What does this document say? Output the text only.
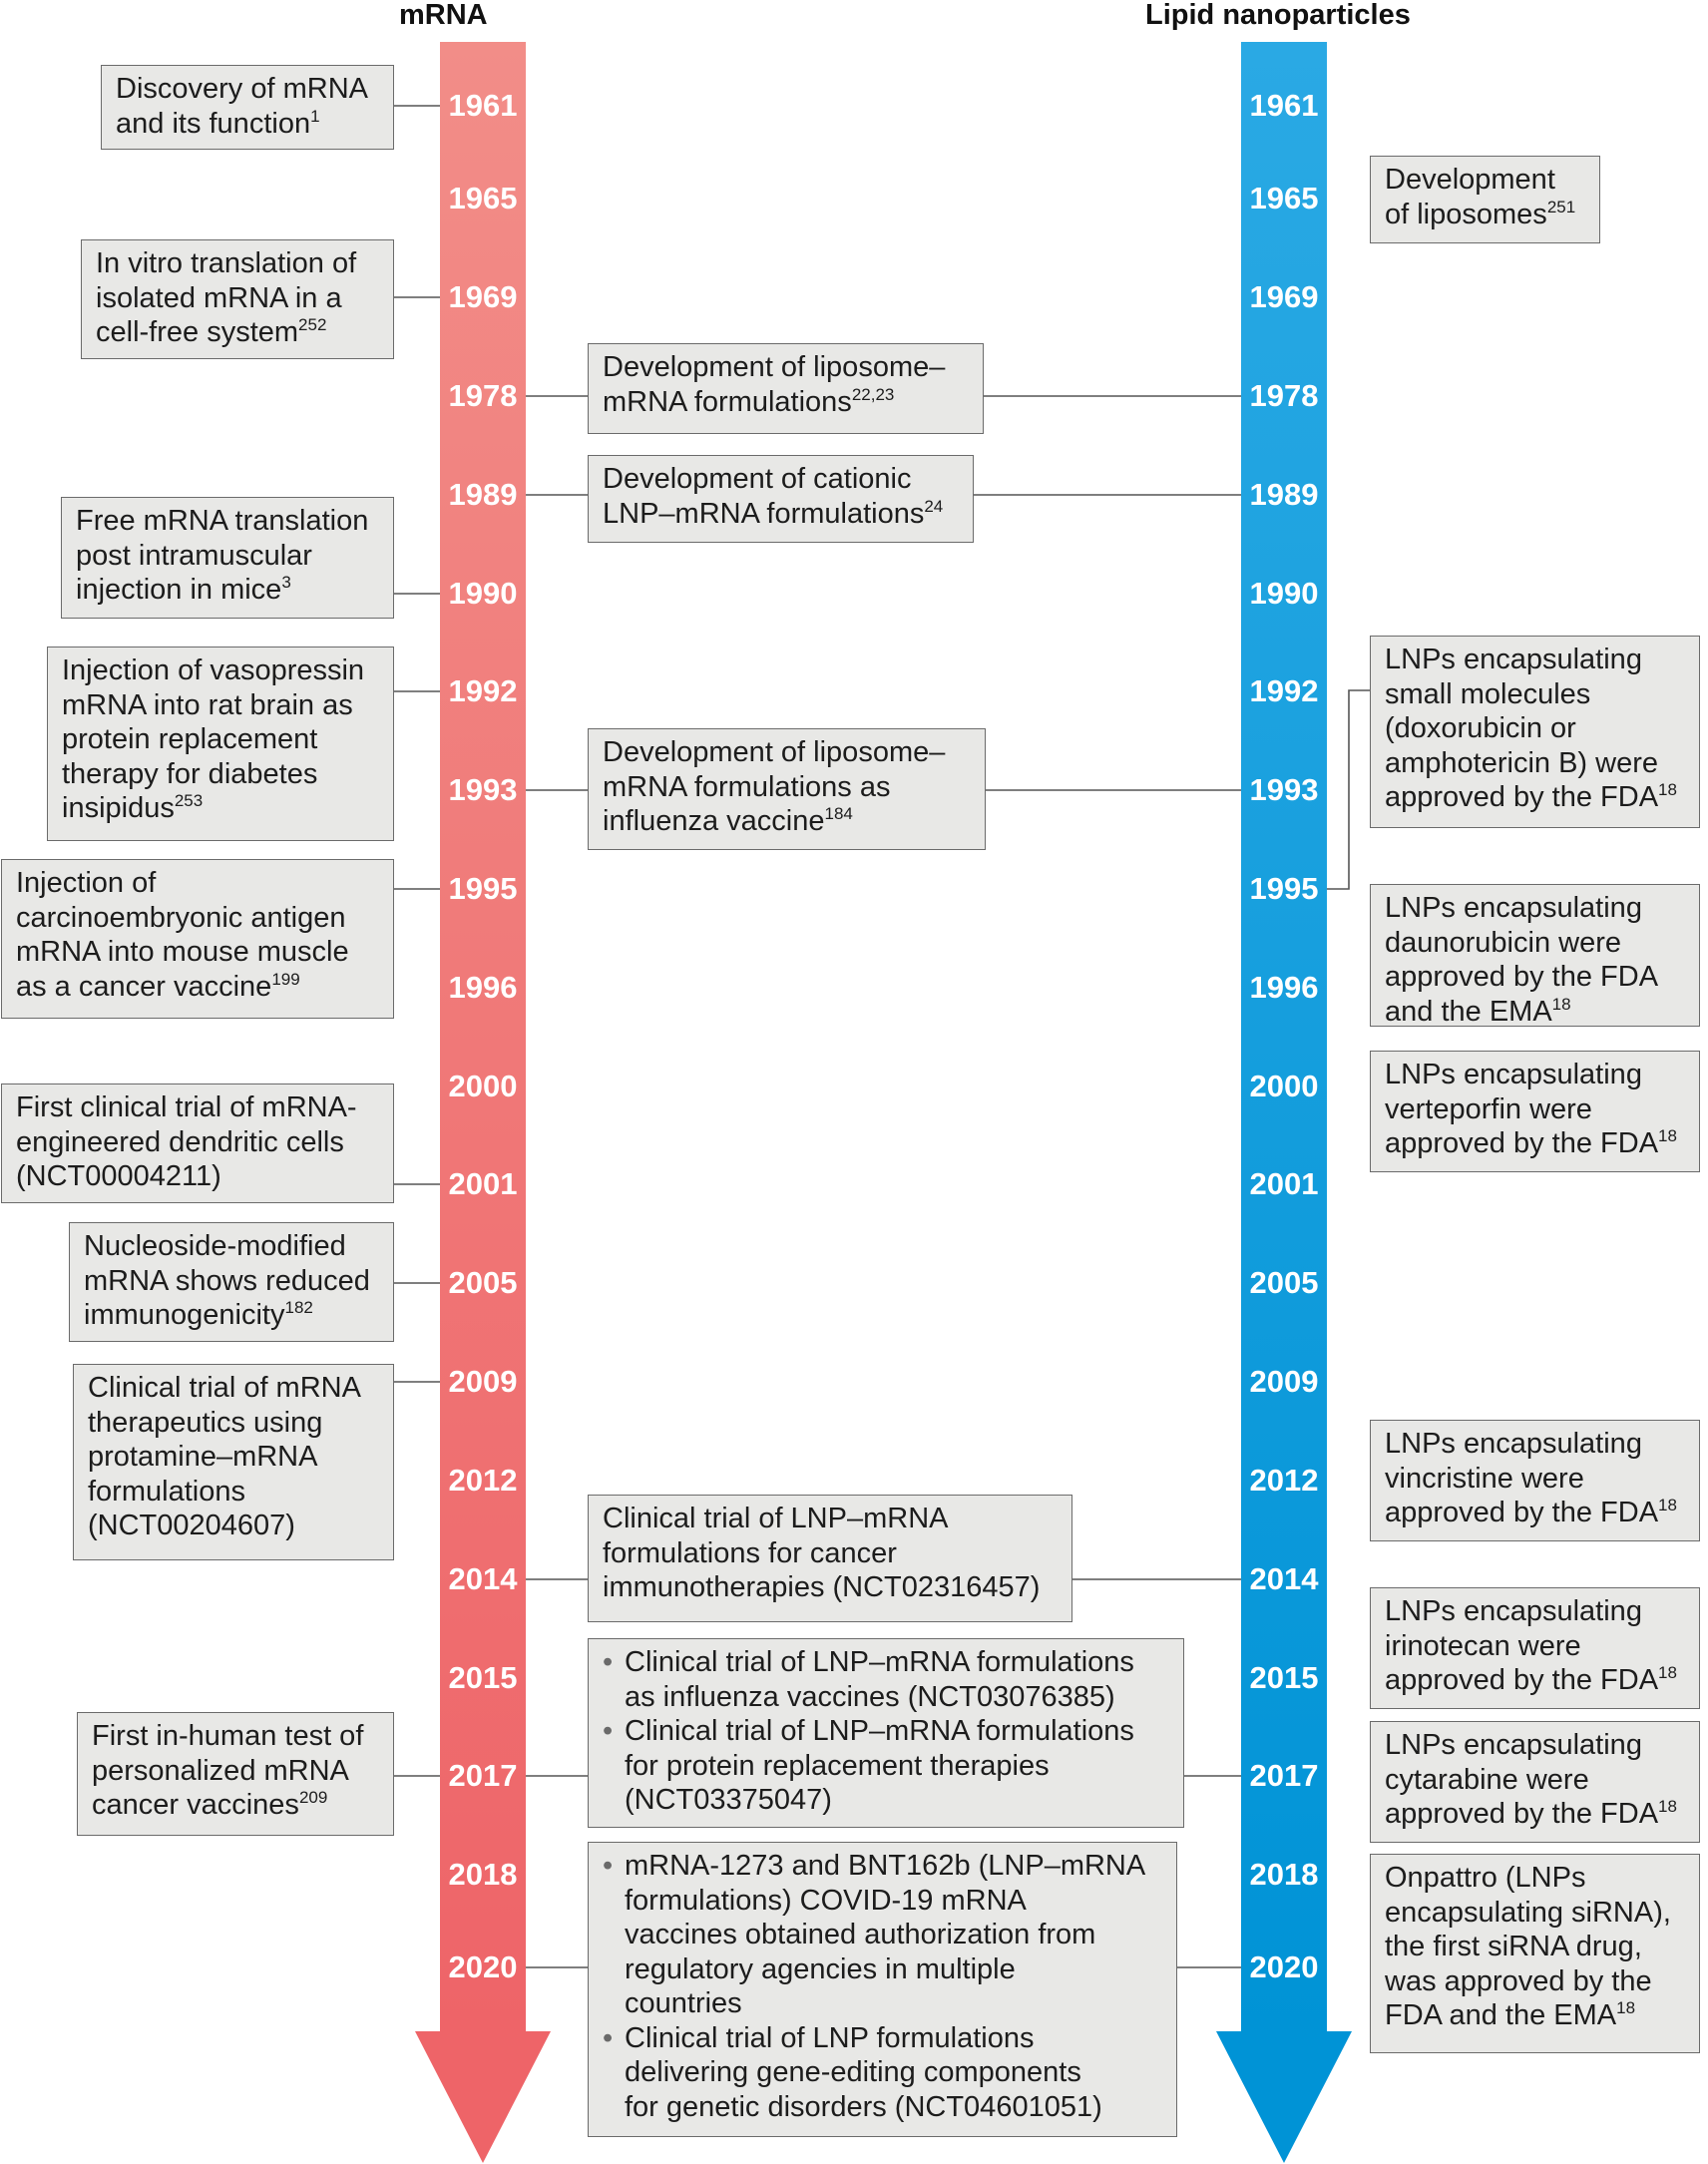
mRNA	Lipid nanoparticles
1961
1965
1969
1978
1989
1990
1992
1993
1995
1996
2000
2001
2005
2009
2012
2014
2015
2017
2018
2020
1961
1965
1969
1978
1989
1990
1992
1993
1995
1996
2000
2001
2005
2009
2012
2014
2015
2017
2018
2020
Discovery of mRNA
and its function$^1$
In vitro translation of
isolated mRNA in a
cell-free system$^{252}$
Free mRNA translation
post intramuscular
injection in mice$^3$
Injection of vasopressin
mRNA into rat brain as
protein replacement
therapy for diabetes
insipidus$^{253}$
Injection of
carcinoembryonic antigen
mRNA into mouse muscle
as a cancer vaccine$^{199}$
First clinical trial of mRNA-
engineered dendritic cells
(NCT00004211)
Nucleoside-modified
mRNA shows reduced
immunogenicity$^{182}$
Clinical trial of mRNA
therapeutics using
protamine–mRNA
formulations
(NCT00204607)
First in-human test of
personalized mRNA
cancer vaccines$^{209}$
Development of liposome–
mRNA formulations$^{22,23}$
Development of cationic
LNP–mRNA formulations$^{24}$
Development of liposome–
mRNA formulations as
influenza vaccine$^{184}$
Clinical trial of LNP–mRNA
formulations for cancer
immunotherapies (NCT02316457)
• Clinical trial of LNP–mRNA formulations
as influenza vaccines (NCT03076385)
• Clinical trial of LNP–mRNA formulations
for protein replacement therapies
(NCT03375047)
• mRNA-1273 and BNT162b (LNP–mRNA
formulations) COVID-19 mRNA
vaccines obtained authorization from
regulatory agencies in multiple
countries
• Clinical trial of LNP formulations
delivering gene-editing components
for genetic disorders (NCT04601051)
Development
of liposomes$^{251}$
LNPs encapsulating
small molecules
(doxorubicin or
amphotericin B) were
approved by the FDA$^{18}$
LNPs encapsulating
daunorubicin were
approved by the FDA
and the EMA$^{18}$
LNPs encapsulating
verteporfin were
approved by the FDA$^{18}$
LNPs encapsulating
vincristine were
approved by the FDA$^{18}$
LNPs encapsulating
irinotecan were
approved by the FDA$^{18}$
LNPs encapsulating
cytarabine were
approved by the FDA$^{18}$
Onpattro (LNPs
encapsulating siRNA),
the first siRNA drug,
was approved by the
FDA and the EMA$^{18}$
